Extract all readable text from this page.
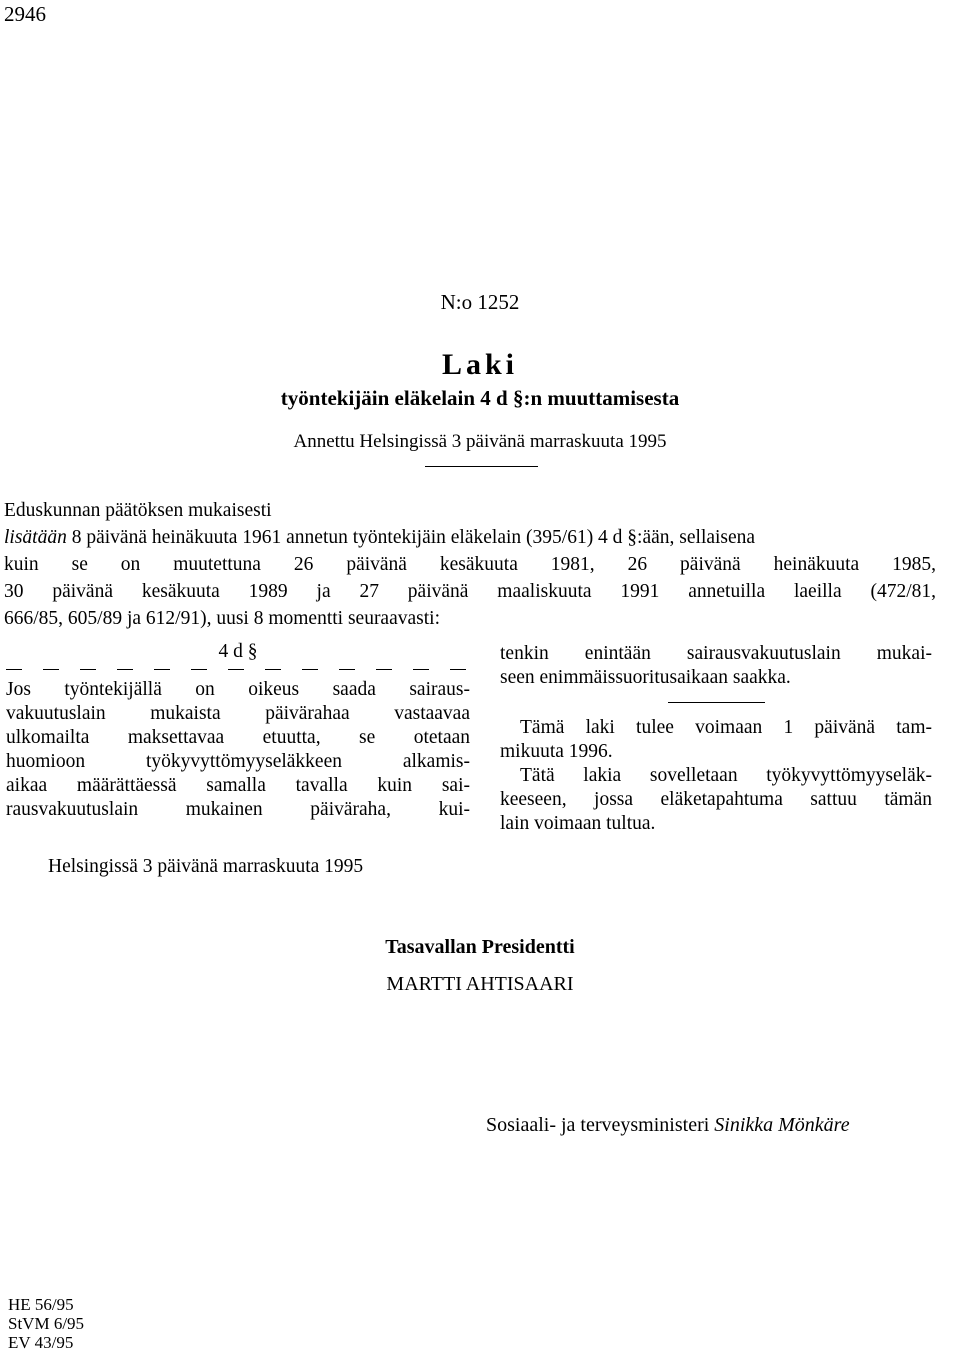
2946
N:o 1252
Laki
työntekijäin eläkelain 4 d §:n muuttamisesta
Annettu Helsingissä 3 päivänä marraskuuta 1995
Eduskunnan päätöksen mukaisesti
lisätään 8 päivänä heinäkuuta 1961 annetun työntekijäin eläkelain (395/61) 4 d §:ään, sellaisena
kuin se on muutettuna 26 päivänä kesäkuuta 1981, 26 päivänä heinäkuuta 1985,
30 päivänä kesäkuuta 1989 ja 27 päivänä maaliskuuta 1991 annetuilla laeilla (472/81,
666/85, 605/89 ja 612/91), uusi 8 momentti seuraavasti:
4 d §
Jos työntekijällä on oikeus saada sairaus-
vakuutuslain mukaista päivärahaa vastaavaa
ulkomailta maksettavaa etuutta, se otetaan
huomioon työkyvyttömyyseläkkeen alkamis-
aikaa määrättäessä samalla tavalla kuin sai-
rausvakuutuslain mukainen päiväraha, kui-
tenkin enintään sairausvakuutuslain mukai-
seen enimmäissuoritusaikaan saakka.
Tämä laki tulee voimaan 1 päivänä tam-
mikuuta 1996.
Tätä lakia sovelletaan työkyvyttömyyseläk-
keeseen, jossa eläketapahtuma sattuu tämän
lain voimaan tultua.
Helsingissä 3 päivänä marraskuuta 1995
Tasavallan Presidentti
MARTTI AHTISAARI
Sosiaali- ja terveysministeri Sinikka Mönkäre
HE 56/95
StVM 6/95
EV 43/95
